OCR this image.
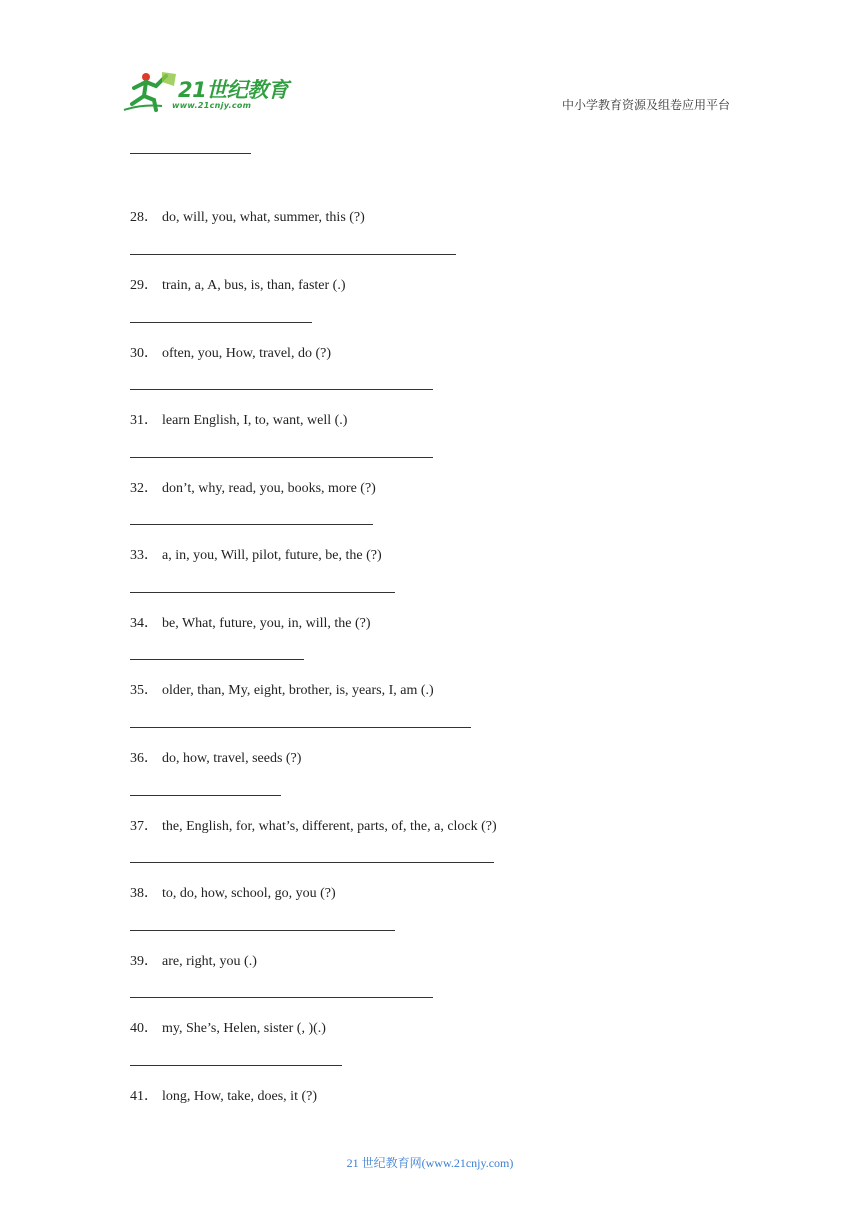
21世纪教育
www.21cnjy.com	中小学教育资源及组卷应用平台
28． do, will, you, what, summer, this (?)
29． train, a, A, bus, is, than, faster (.)
30． often, you, How, travel, do (?)
31． learn English, I, to, want, well (.)
32． don’t, why, read, you, books, more (?)
33． a, in, you, Will, pilot, future, be, the (?)
34． be, What, future, you, in, will, the (?)
35． older, than, My, eight, brother, is, years, I, am (.)
36． do, how, travel, seeds (?)
37． the, English, for, what’s, different, parts, of, the, a, clock (?)
38． to, do, how, school, go, you (?)
39． are, right, you (.)
40． my, She’s, Helen, sister (, )(.)
41． long, How, take, does, it (?)
21 世纪教育网(www.21cnjy.com)
